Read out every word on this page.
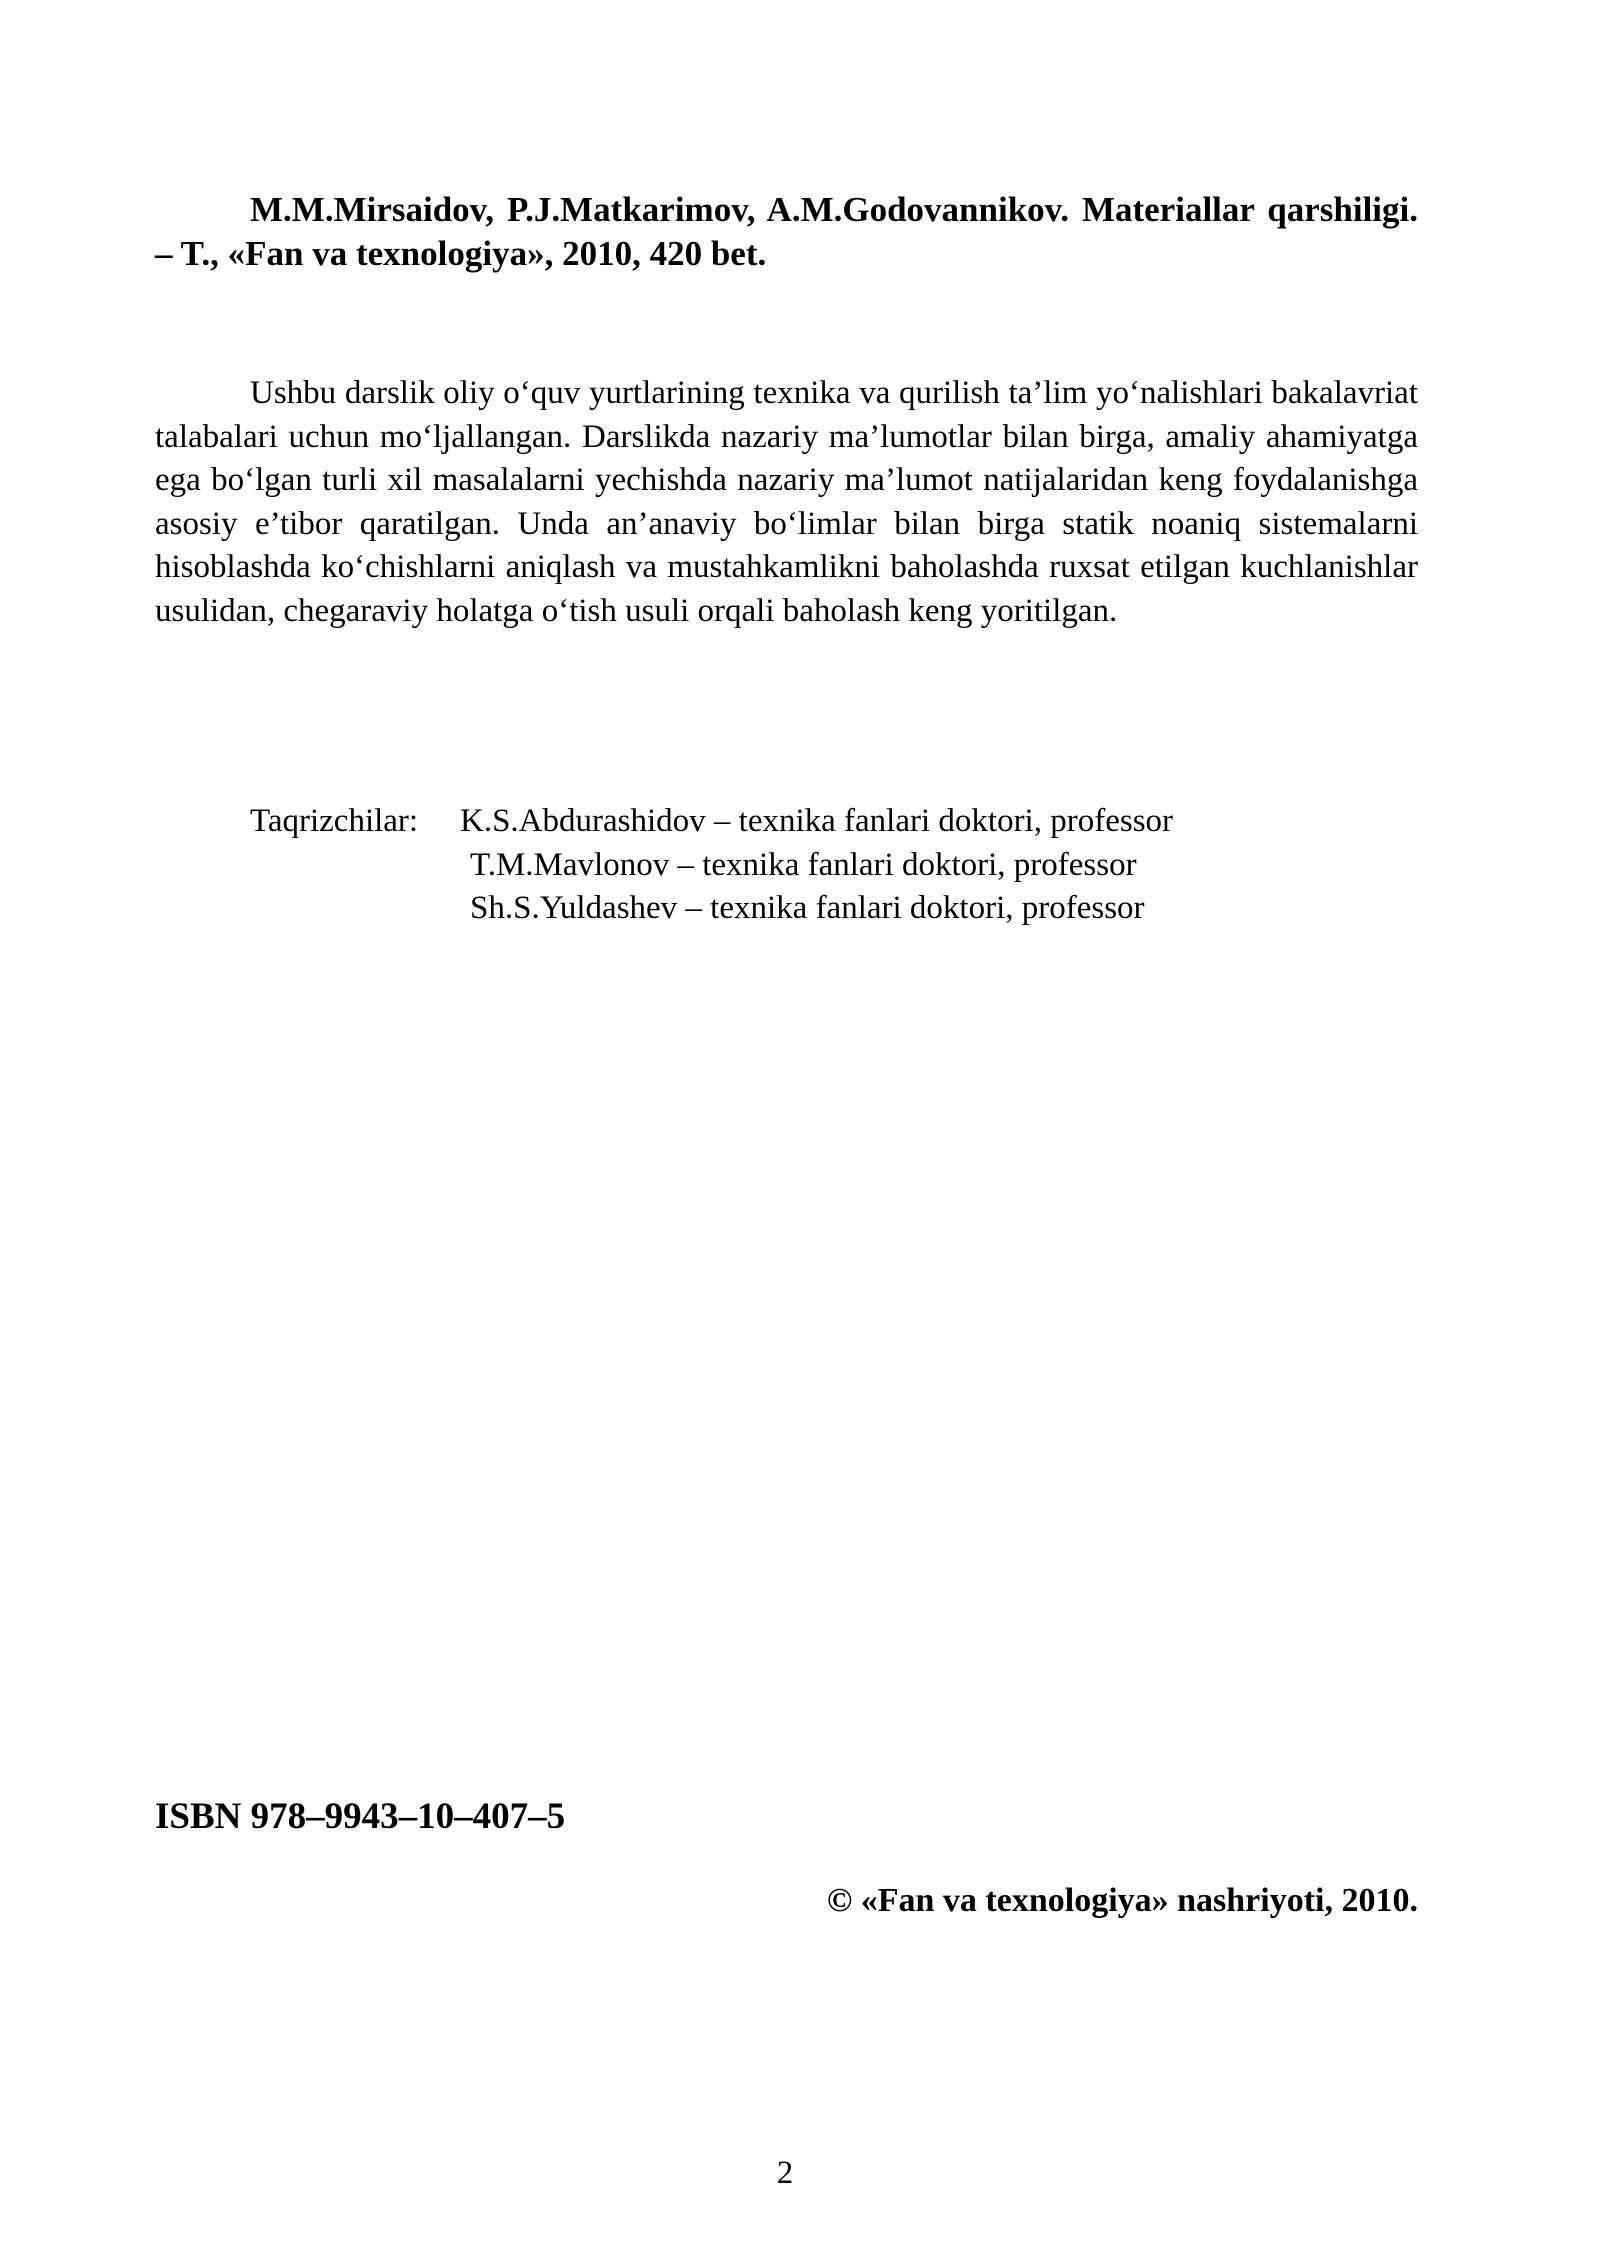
M.M.Mirsaidov, P.J.Matkarimov, A.M.Godovannikov. Materiallar qarshiligi. – T., «Fan va texnologiya», 2010, 420 bet.

Ushbu darslik oliy o‘quv yurtlarining texnika va qurilish ta’lim yo‘nalishlari bakalavriat talabalari uchun mo‘ljallangan. Darslikda nazariy ma’lumotlar bilan birga, amaliy ahamiyatga ega bo‘lgan turli xil masalalarni yechishda nazariy ma’lumot natijalaridan keng foydalanishga asosiy e’tibor qaratilgan. Unda an’anaviy bo‘limlar bilan birga statik noaniq sistemalarni hisoblashda ko‘chishlarni aniqlash va mustahkamlikni baholashda ruxsat etilgan kuchlanishlar usulidan, chegaraviy holatga o‘tish usuli orqali baholash keng yoritilgan.

Taqrizchilar:	K.S.Abdurashidov – texnika fanlari doktori, professor
T.M.Mavlonov – texnika fanlari doktori, professor
Sh.S.Yuldashev – texnika fanlari doktori, professor
ISBN 978–9943–10–407–5
© «Fan va texnologiya» nashriyoti, 2010.
2
